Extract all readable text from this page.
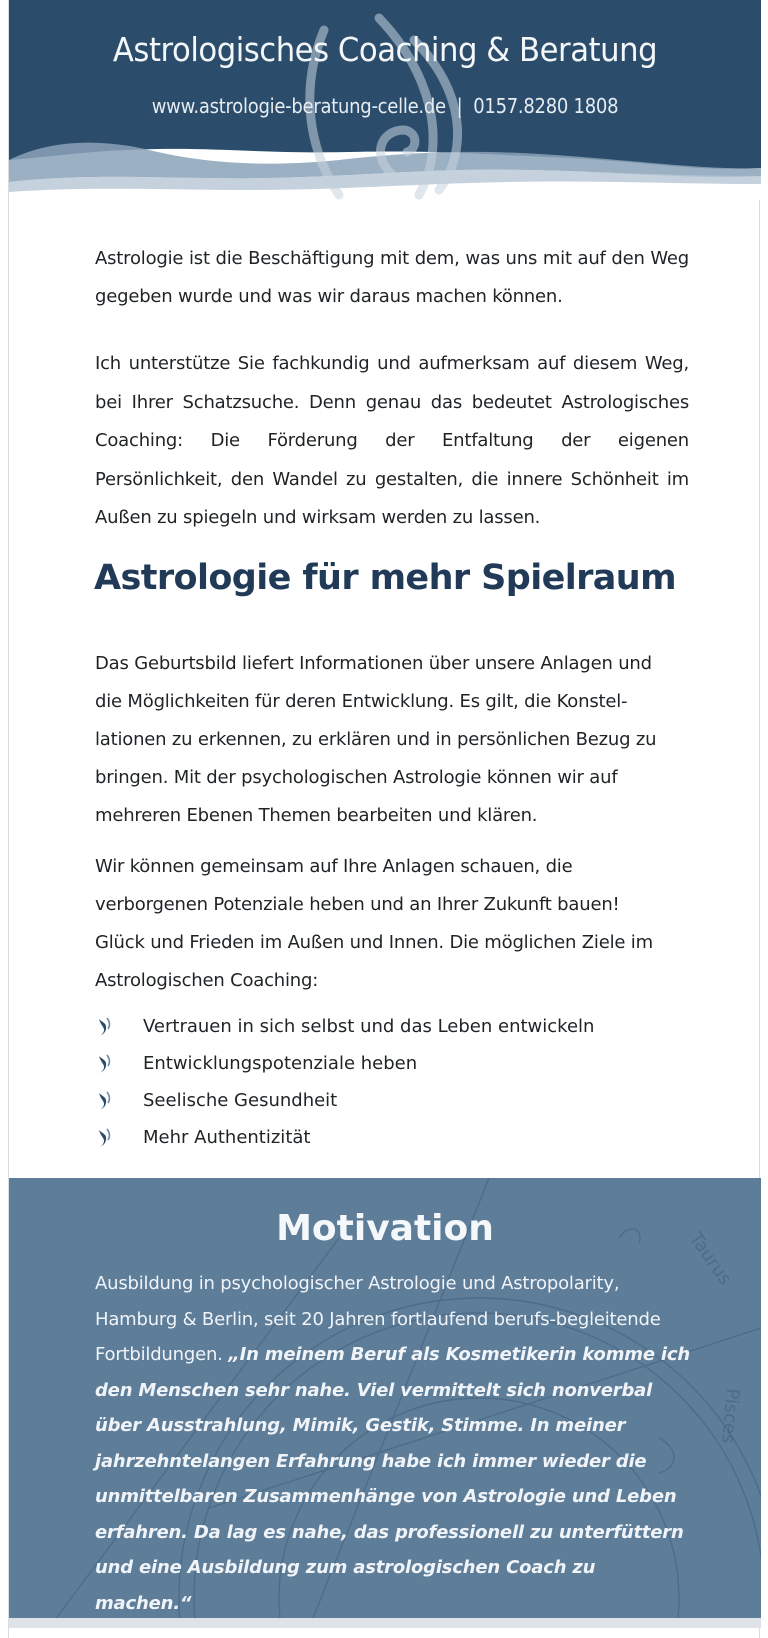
Astrologisches Coaching & Beratung
www.astrologie-beratung-celle.de | 0157.8280 1808

Astrologie ist die Beschäftigung mit dem, was uns mit auf den Weg gegeben wurde und was wir daraus machen können.

Ich unterstütze Sie fachkundig und aufmerksam auf diesem Weg, bei Ihrer Schatzsuche. Denn genau das bedeutet Astrologisches Coaching: Die Förderung der Entfaltung der eigenen Persönlichkeit, den Wandel zu gestalten, die innere Schönheit im Außen zu spiegeln und wirksam werden zu lassen.

Astrologie für mehr Spielraum

Das Geburtsbild liefert Informationen über unsere Anlagen und die Möglichkeiten für deren Entwicklung. Es gilt, die Konstel-lationen zu erkennen, zu erklären und in persönlichen Bezug zu bringen. Mit der psychologischen Astrologie können wir auf mehreren Ebenen Themen bearbeiten und klären.

Wir können gemeinsam auf Ihre Anlagen schauen, die verborgenen Potenziale heben und an Ihrer Zukunft bauen! Glück und Frieden im Außen und Innen. Die möglichen Ziele im Astrologischen Coaching:

Vertrauen in sich selbst und das Leben entwickeln
Entwicklungspotenziale heben
Seelische Gesundheit
Mehr Authentizität
Taurus
Pisces
Motivation

Ausbildung in psychologischer Astrologie und Astropolarity, Hamburg & Berlin, seit 20 Jahren fortlaufend berufs-begleitende Fortbildungen. „In meinem Beruf als Kosmetikerin komme ich den Menschen sehr nahe. Viel vermittelt sich nonverbal über Ausstrahlung, Mimik, Gestik, Stimme. In meiner jahrzehntelangen Erfahrung habe ich immer wieder die unmittelbaren Zusammenhänge von Astrologie und Leben erfahren. Da lag es nahe, das professionell zu unterfüttern und eine Ausbildung zum astrologischen Coach zu machen.“
